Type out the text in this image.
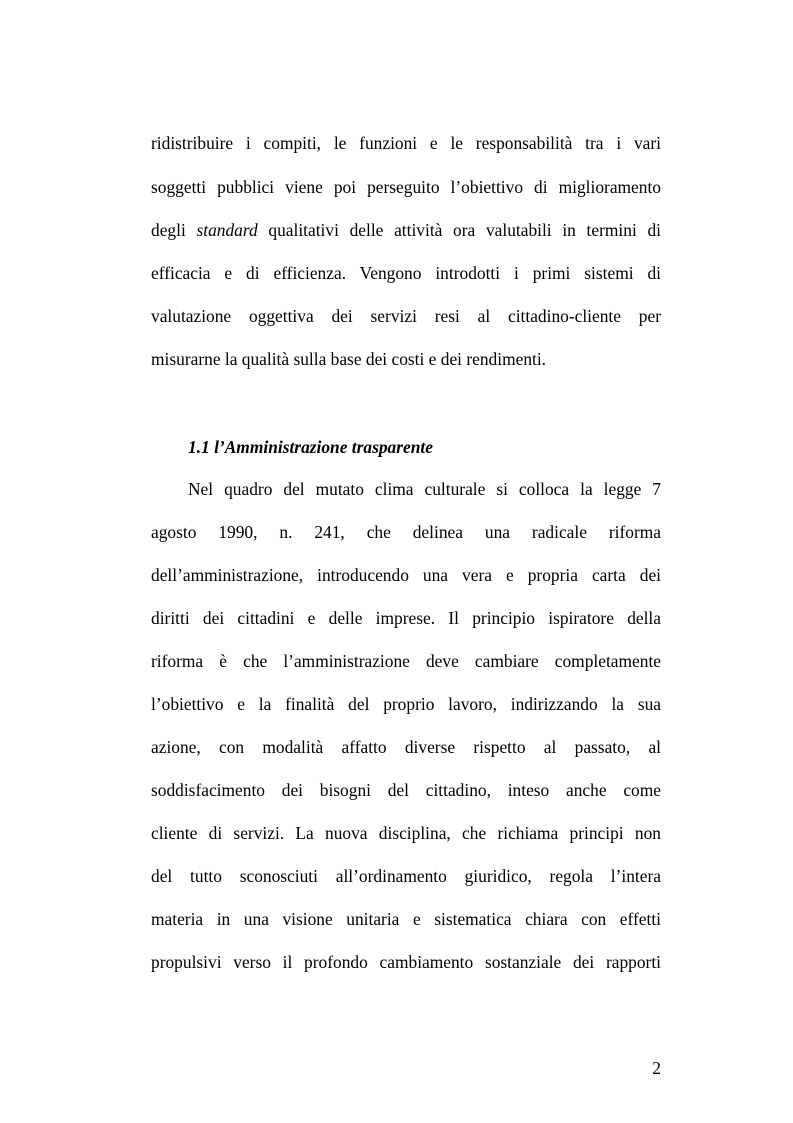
ridistribuire i compiti, le funzioni e le responsabilità tra i vari
soggetti pubblici viene poi perseguito l’obiettivo di miglioramento
degli standard qualitativi delle attività ora valutabili in termini di
efficacia e di efficienza. Vengono introdotti i primi sistemi di
valutazione oggettiva dei servizi resi al cittadino-cliente per
misurarne la qualità sulla base dei costi e dei rendimenti.
1.1 l’Amministrazione trasparente
Nel quadro del mutato clima culturale si colloca la legge 7
agosto 1990, n. 241, che delinea una radicale riforma
dell’amministrazione, introducendo una vera e propria carta dei
diritti dei cittadini e delle imprese. Il principio ispiratore della
riforma è che l’amministrazione deve cambiare completamente
l’obiettivo e la finalità del proprio lavoro, indirizzando la sua
azione, con modalità affatto diverse rispetto al passato, al
soddisfacimento dei bisogni del cittadino, inteso anche come
cliente di servizi. La nuova disciplina, che richiama principi non
del tutto sconosciuti all’ordinamento giuridico, regola l’intera
materia in una visione unitaria e sistematica chiara con effetti
propulsivi verso il profondo cambiamento sostanziale dei rapporti
2
